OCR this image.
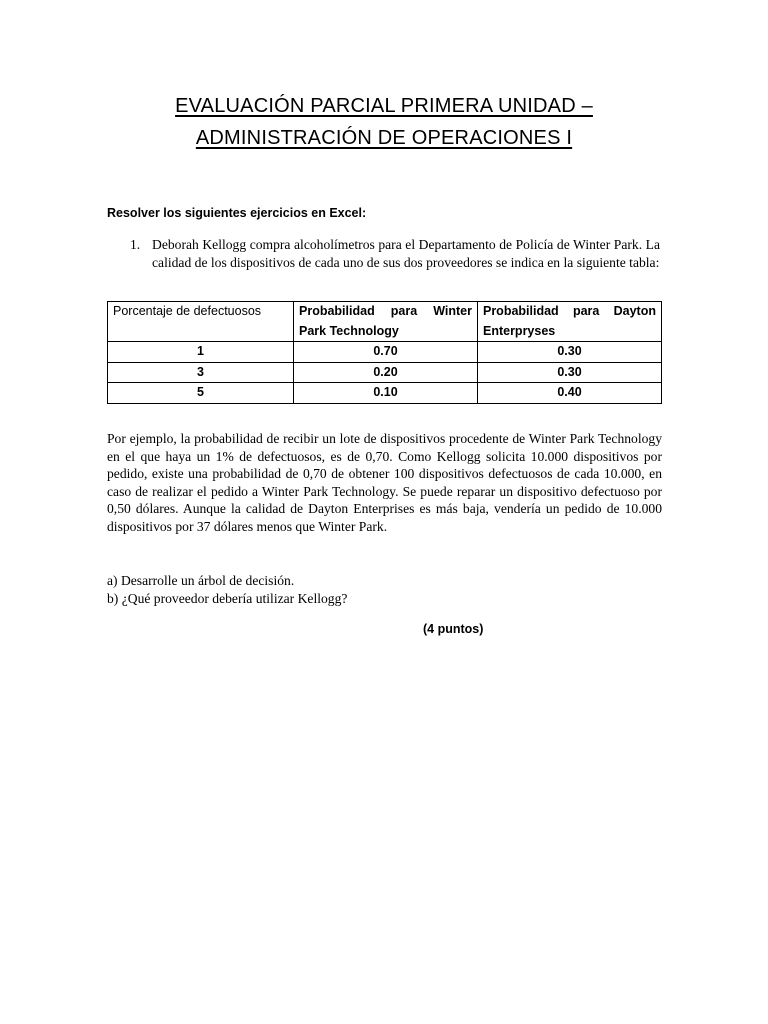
EVALUACIÓN PARCIAL PRIMERA UNIDAD –
ADMINISTRACIÓN DE OPERACIONES I
Resolver los siguientes ejercicios en Excel:
1. Deborah Kellogg compra alcoholímetros para el Departamento de Policía de Winter Park. La calidad de los dispositivos de cada uno de sus dos proveedores se indica en la siguiente tabla:
Porcentaje de defectuosos	Probabilidad para Winter Park Technology	Probabilidad para Dayton Enterpryses
1	0.70	0.30
3	0.20	0.30
5	0.10	0.40
Por ejemplo, la probabilidad de recibir un lote de dispositivos procedente de Winter Park Technology en el que haya un 1% de defectuosos, es de 0,70. Como Kellogg solicita 10.000 dispositivos por pedido, existe una probabilidad de 0,70 de obtener 100 dispositivos defectuosos de cada 10.000, en caso de realizar el pedido a Winter Park Technology. Se puede reparar un dispositivo defectuoso por 0,50 dólares. Aunque la calidad de Dayton Enterprises es más baja, vendería un pedido de 10.000 dispositivos por 37 dólares menos que Winter Park.
a) Desarrolle un árbol de decisión.
b) ¿Qué proveedor debería utilizar Kellogg?
(4 puntos)
